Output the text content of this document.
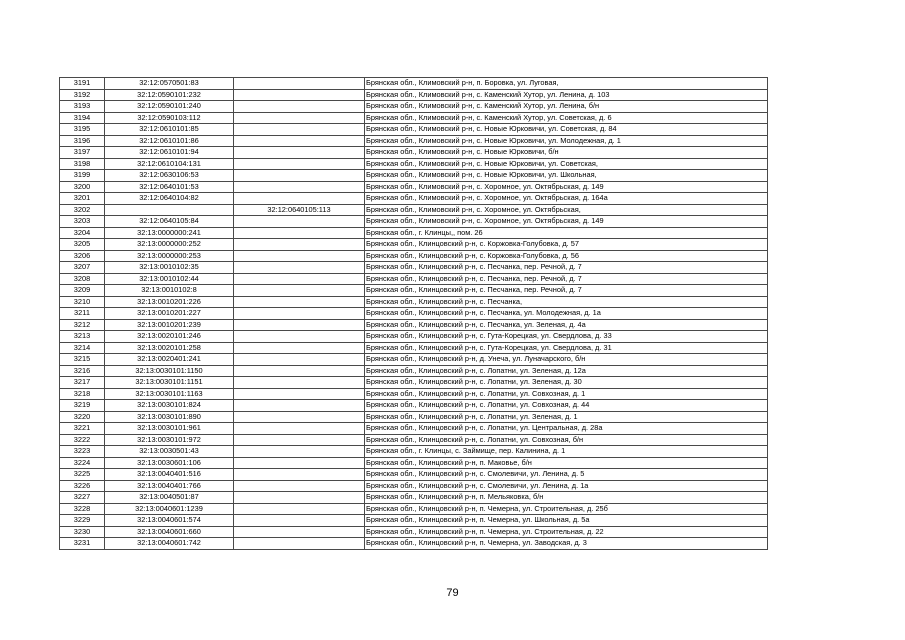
3191	32:12:0570501:83		Брянская обл., Климовский р-н, п. Боровка, ул. Луговая,
3192	32:12:0590101:232		Брянская обл., Климовский р-н, с. Каменский Хутор, ул. Ленина, д. 103
3193	32:12:0590101:240		Брянская обл., Климовский р-н, с. Каменский Хутор, ул. Ленина, б/н
3194	32:12:0590103:112		Брянская обл., Климовский р-н, с. Каменский Хутор, ул. Советская, д. 6
3195	32:12:0610101:85		Брянская обл., Климовский р-н, с. Новые Юрковичи, ул. Советская, д. 84
3196	32:12:0610101:86		Брянская обл., Климовский р-н, с. Новые Юрковичи, ул. Молодежная, д. 1
3197	32:12:0610101:94		Брянская обл., Климовский р-н, с. Новые Юрковичи, б/н
3198	32:12:0610104:131		Брянская обл., Климовский р-н, с. Новые Юрковичи, ул. Советская,
3199	32:12:0630106:53		Брянская обл., Климовский р-н, с. Новые Юрковичи, ул. Школьная,
3200	32:12:0640101:53		Брянская обл., Климовский р-н, с. Хоромное, ул. Октябрьская, д. 149
3201	32:12:0640104:82		Брянская обл., Климовский р-н, с. Хоромное, ул. Октябрьская, д. 164а
3202		32:12:0640105:113	Брянская обл., Климовский р-н, с. Хоромное, ул. Октябрьская,
3203	32:12:0640105:84		Брянская обл., Климовский р-н, с. Хоромное, ул. Октябрьская, д. 149
3204	32:13:0000000:241		Брянская обл., г. Клинцы,, пом. 26
3205	32:13:0000000:252		Брянская обл., Клинцовский р-н, с. Коржовка-Голубовка, д. 57
3206	32:13:0000000:253		Брянская обл., Клинцовский р-н, с. Коржовка-Голубовка, д. 56
3207	32:13:0010102:35		Брянская обл., Клинцовский р-н, с. Песчанка, пер. Речной, д. 7
3208	32:13:0010102:44		Брянская обл., Клинцовский р-н, с. Песчанка, пер. Речной, д. 7
3209	32:13:0010102:8		Брянская обл., Клинцовский р-н, с. Песчанка, пер. Речной, д. 7
3210	32:13:0010201:226		Брянская обл., Клинцовский р-н, с. Песчанка,
3211	32:13:0010201:227		Брянская обл., Клинцовский р-н, с. Песчанка, ул. Молодежная, д. 1а
3212	32:13:0010201:239		Брянская обл., Клинцовский р-н, с. Песчанка, ул. Зеленая, д. 4а
3213	32:13:0020101:246		Брянская обл., Клинцовский р-н, с. Гута-Корецкая, ул. Свердлова, д. 33
3214	32:13:0020101:258		Брянская обл., Клинцовский р-н, с. Гута-Корецкая, ул. Свердлова, д. 31
3215	32:13:0020401:241		Брянская обл., Клинцовский р-н, д. Унеча, ул. Луначарского, б/н
3216	32:13:0030101:1150		Брянская обл., Клинцовский р-н, с. Лопатни, ул. Зеленая, д. 12а
3217	32:13:0030101:1151		Брянская обл., Клинцовский р-н, с. Лопатни, ул. Зеленая, д. 30
3218	32:13:0030101:1163		Брянская обл., Клинцовский р-н, с. Лопатни, ул. Совхозная, д. 1
3219	32:13:0030101:824		Брянская обл., Клинцовский р-н, с. Лопатни, ул. Совхозная, д. 44
3220	32:13:0030101:890		Брянская обл., Клинцовский р-н, с. Лопатни, ул. Зеленая, д. 1
3221	32:13:0030101:961		Брянская обл., Клинцовский р-н, с. Лопатни, ул. Центральная, д. 28а
3222	32:13:0030101:972		Брянская обл., Клинцовский р-н, с. Лопатни, ул. Совхозная, б/н
3223	32:13:0030501:43		Брянская обл., г. Клинцы, с. Займище, пер. Калинина, д. 1
3224	32:13:0030601:106		Брянская обл., Клинцовский р-н, п. Маковье, б/н
3225	32:13:0040401:516		Брянская обл., Клинцовский р-н, с. Смолевичи, ул. Ленина, д. 5
3226	32:13:0040401:766		Брянская обл., Клинцовский р-н, с. Смолевичи, ул. Ленина, д. 1а
3227	32:13:0040501:87		Брянская обл., Клинцовский р-н, п. Мельяковка, б/н
3228	32:13:0040601:1239		Брянская обл., Клинцовский р-н, п. Чемерна, ул. Строительная, д. 25б
3229	32:13:0040601:574		Брянская обл., Клинцовский р-н, п. Чемерна, ул. Школьная, д. 5а
3230	32:13:0040601:660		Брянская обл., Клинцовский р-н, п. Чемерна, ул. Строительная, д. 22
3231	32:13:0040601:742		Брянская обл., Клинцовский р-н, п. Чемерна, ул. Заводская, д. 3
79
